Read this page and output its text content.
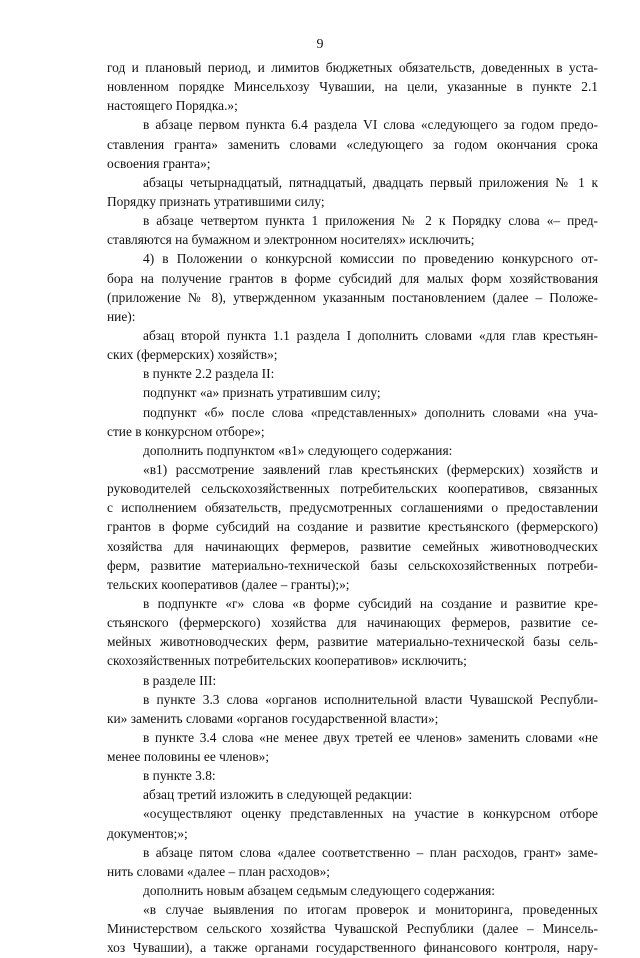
9
год и плановый период, и лимитов бюджетных обязательств, доведенных в уста-
новленном порядке Минсельхозу Чувашии, на цели, указанные в пункте 2.1
настоящего Порядка.»;
в абзаце первом пункта 6.4 раздела VI слова «следующего за годом предо-
ставления гранта» заменить словами «следующего за годом окончания срока
освоения гранта»;
абзацы четырнадцатый, пятнадцатый, двадцать первый приложения № 1 к
Порядку признать утратившими силу;
в абзаце четвертом пункта 1 приложения № 2 к Порядку слова «– пред-
ставляются на бумажном и электронном носителях» исключить;
4) в Положении о конкурсной комиссии по проведению конкурсного от-
бора на получение грантов в форме субсидий для малых форм хозяйствования
(приложение № 8), утвержденном указанным постановлением (далее – Положе-
ние):
абзац второй пункта 1.1 раздела I дополнить словами «для глав крестьян-
ских (фермерских) хозяйств»;
в пункте 2.2 раздела II:
подпункт «а» признать утратившим силу;
подпункт «б» после слова «представленных» дополнить словами «на уча-
стие в конкурсном отборе»;
дополнить подпунктом «в1» следующего содержания:
«в1) рассмотрение заявлений глав крестьянских (фермерских) хозяйств и
руководителей сельскохозяйственных потребительских кооперативов, связанных
с исполнением обязательств, предусмотренных соглашениями о предоставлении
грантов в форме субсидий на создание и развитие крестьянского (фермерского)
хозяйства для начинающих фермеров, развитие семейных животноводческих
ферм, развитие материально-технической базы сельскохозяйственных потреби-
тельских кооперативов (далее – гранты);»;
в подпункте «г» слова «в форме субсидий на создание и развитие кре-
стьянского (фермерского) хозяйства для начинающих фермеров, развитие се-
мейных животноводческих ферм, развитие материально-технической базы сель-
скохозяйственных потребительских кооперативов» исключить;
в разделе III:
в пункте 3.3 слова «органов исполнительной власти Чувашской Республи-
ки» заменить словами «органов государственной власти»;
в пункте 3.4 слова «не менее двух третей ее членов» заменить словами «не
менее половины ее членов»;
в пункте 3.8:
абзац третий изложить в следующей редакции:
«осуществляют оценку представленных на участие в конкурсном отборе
документов;»;
в абзаце пятом слова «далее соответственно – план расходов, грант» заме-
нить словами «далее – план расходов»;
дополнить новым абзацем седьмым следующего содержания:
«в случае выявления по итогам проверок и мониторинга, проведенных
Министерством сельского хозяйства Чувашской Республики (далее – Минсель-
хоз Чувашии), а также органами государственного финансового контроля, нару-
